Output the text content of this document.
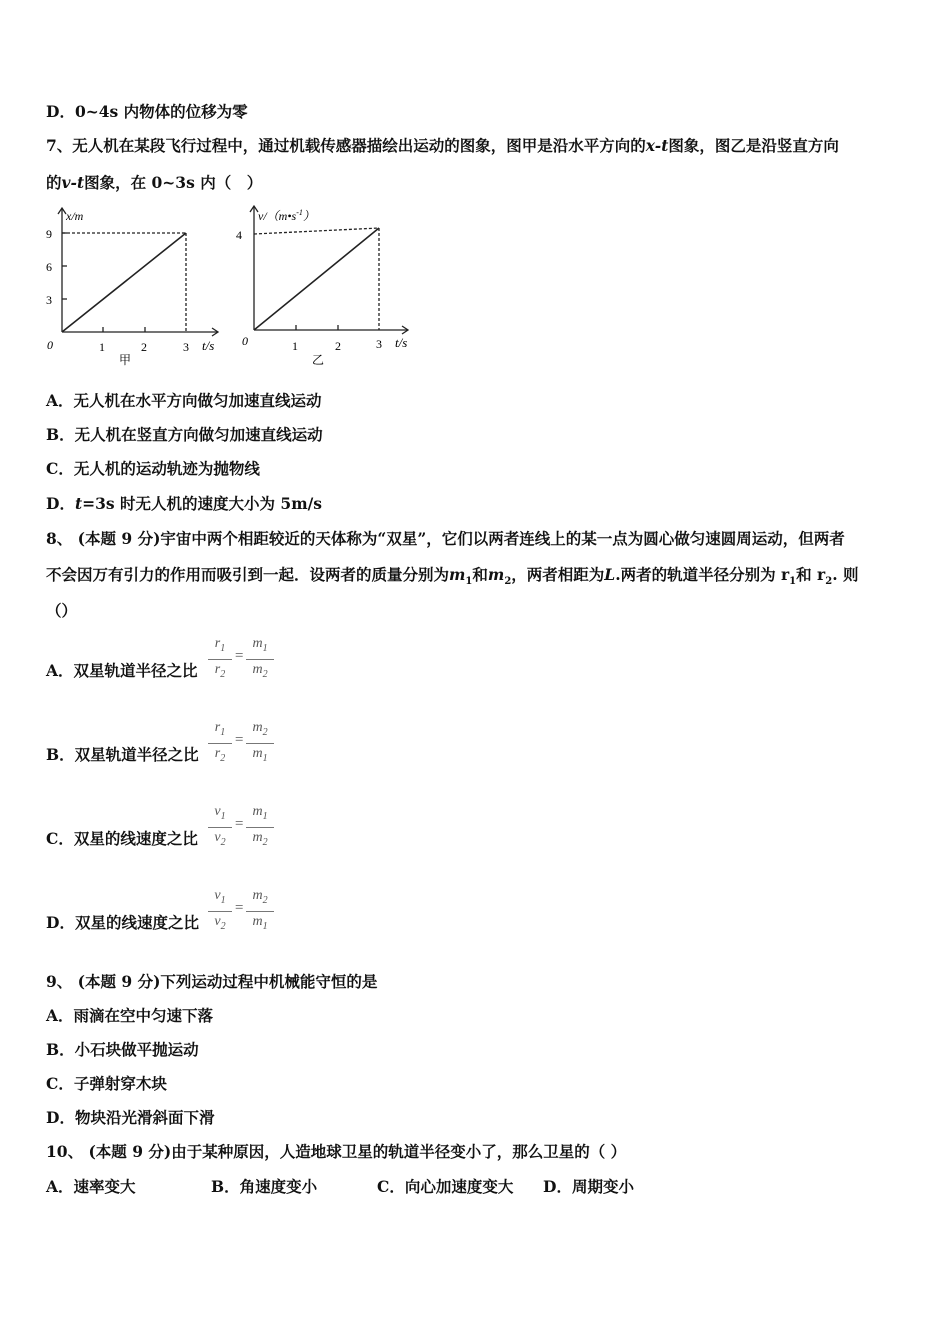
D．0~4s 内物体的位移为零
7、无人机在某段飞行过程中，通过机载传感器描绘出运动的图象，图甲是沿水平方向的x-t图象，图乙是沿竖直方向
的v-t图象，在 0~3s 内（　）
x/m
9
6
3
0	1	2	3 t/s
甲
$v/(m•s^{-1})$
4
0	1	2	3 t/s
乙
A．无人机在水平方向做匀加速直线运动
B．无人机在竖直方向做匀加速直线运动
C．无人机的运动轨迹为抛物线
D．t=3s 时无人机的速度大小为 5m/s
8、 (本题 9 分)宇宙中两个相距较近的天体称为“双星”，它们以两者连线上的某一点为圆心做匀速圆周运动，但两者
不会因万有引力的作用而吸引到一起．设两者的质量分别为$m_1$和$m_2$，两者相距为L.两者的轨道半径分别为 $r_1$和 $r_2$. 则
（）
A．双星轨道半径之比
$r_1$
$r_2$
=
$m_1$
$m_2$
B．双星轨道半径之比
$r_1$
$r_2$
=
$m_2$
$m_1$
C．双星的线速度之比
$v_1$
$v_2$
=
$m_1$
$m_2$
D．双星的线速度之比
$v_1$
$v_2$
=
$m_2$
$m_1$
9、 (本题 9 分)下列运动过程中机械能守恒的是
A．雨滴在空中匀速下落
B．小石块做平抛运动
C．子弹射穿木块
D．物块沿光滑斜面下滑
10、 (本题 9 分)由于某种原因，人造地球卫星的轨道半径变小了，那么卫星的（ ）
A．速率变大	B．角速度变小	C．向心加速度变大 D．周期变小
